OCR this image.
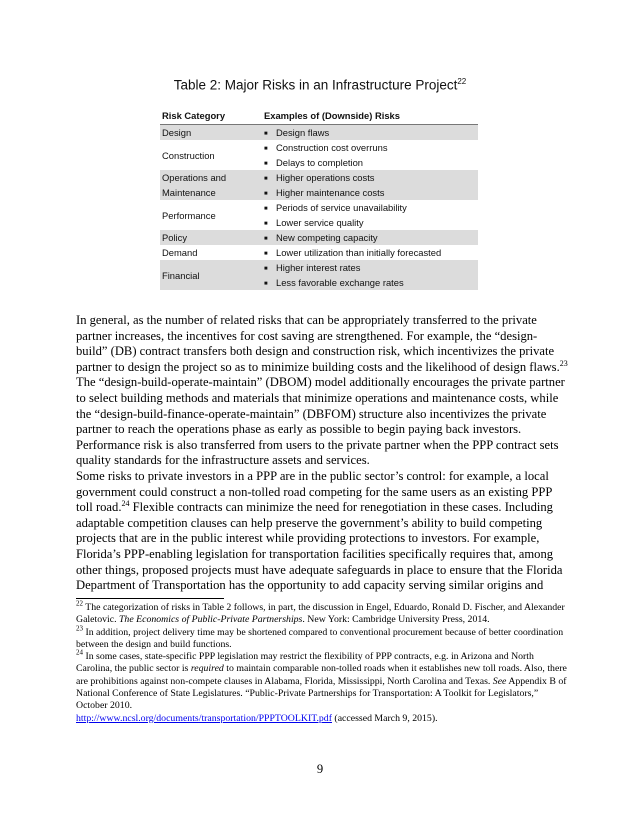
Table 2: Major Risks in an Infrastructure Project$^{22}$
Risk Category	Examples of (Downside) Risks
Design	■ Design flaws

Construction	■ Construction cost overruns
■ Delays to completion

Operations and Maintenance	■ Higher operations costs
■ Higher maintenance costs

Performance	■ Periods of service unavailability
■ Lower service quality

Policy	■ New competing capacity

Demand	■ Lower utilization than initially forecasted

Financial	■ Higher interest rates
■ Less favorable exchange rates

In general, as the number of related risks that can be appropriately transferred to the private partner increases, the incentives for cost saving are strengthened. For example, the “design-build” (DB) contract transfers both design and construction risk, which incentivizes the private partner to design the project so as to minimize building costs and the likelihood of design flaws.$^{23}$ The “design-build-operate-maintain” (DBOM) model additionally encourages the private partner to select building methods and materials that minimize operations and maintenance costs, while the “design-build-finance-operate-maintain” (DBFOM) structure also incentivizes the private partner to reach the operations phase as early as possible to begin paying back investors. Performance risk is also transferred from users to the private partner when the PPP contract sets quality standards for the infrastructure assets and services.

Some risks to private investors in a PPP are in the public sector’s control: for example, a local government could construct a non-tolled road competing for the same users as an existing PPP toll road.$^{24}$ Flexible contracts can minimize the need for renegotiation in these cases. Including adaptable competition clauses can help preserve the government’s ability to build competing projects that are in the public interest while providing protections to investors. For example, Florida’s PPP-enabling legislation for transportation facilities specifically requires that, among other things, proposed projects must have adequate safeguards in place to ensure that the Florida Department of Transportation has the opportunity to add capacity serving similar origins and

$^{22}$ The categorization of risks in Table 2 follows, in part, the discussion in Engel, Eduardo, Ronald D. Fischer, and Alexander Galetovic. The Economics of Public-Private Partnerships. New York: Cambridge University Press, 2014.

$^{23}$ In addition, project delivery time may be shortened compared to conventional procurement because of better coordination between the design and build functions.

$^{24}$ In some cases, state-specific PPP legislation may restrict the flexibility of PPP contracts, e.g. in Arizona and North Carolina, the public sector is required to maintain comparable non-tolled roads when it establishes new toll roads. Also, there are prohibitions against non-compete clauses in Alabama, Florida, Mississippi, North Carolina and Texas. See Appendix B of National Conference of State Legislatures. “Public-Private Partnerships for Transportation: A Toolkit for Legislators,” October 2010.
http://www.ncsl.org/documents/transportation/PPPTOOLKIT.pdf (accessed March 9, 2015).

9
